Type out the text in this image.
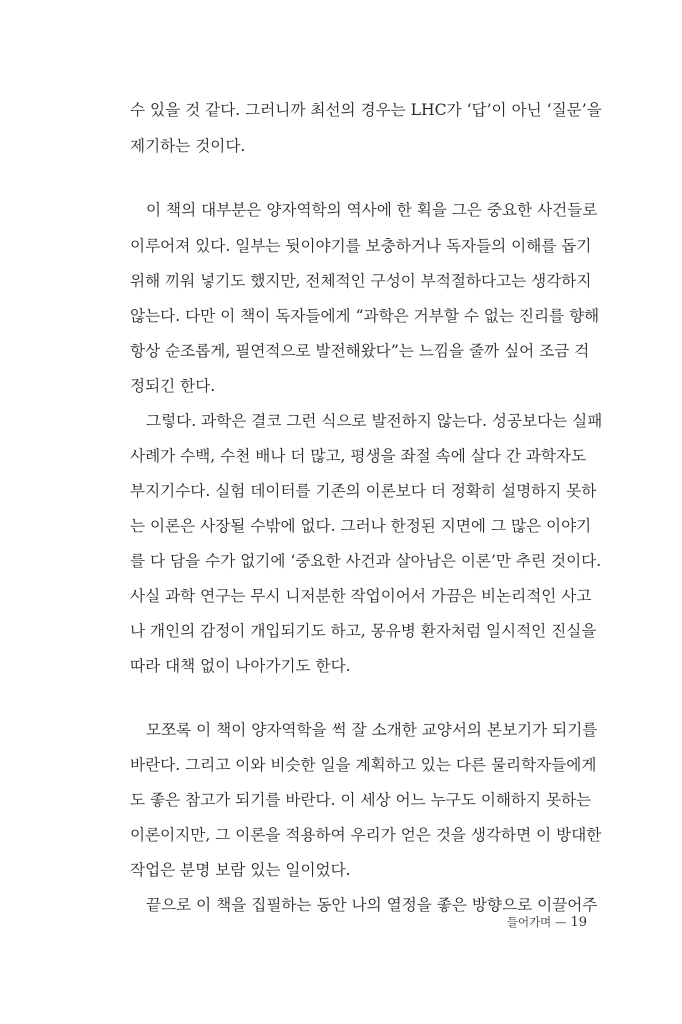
수 있을 것 같다. 그러니까 최선의 경우는 LHC가 ‘답’이 아닌 ‘질문’을
제기하는 것이다.
이 책의 대부분은 양자역학의 역사에 한 획을 그은 중요한 사건들로
이루어져 있다. 일부는 뒷이야기를 보충하거나 독자들의 이해를 돕기
위해 끼워 넣기도 했지만, 전체적인 구성이 부적절하다고는 생각하지
않는다. 다만 이 책이 독자들에게 “과학은 거부할 수 없는 진리를 향해
항상 순조롭게, 필연적으로 발전해왔다”는 느낌을 줄까 싶어 조금 걱
정되긴 한다.
그렇다. 과학은 결코 그런 식으로 발전하지 않는다. 성공보다는 실패
사례가 수백, 수천 배나 더 많고, 평생을 좌절 속에 살다 간 과학자도
부지기수다. 실험 데이터를 기존의 이론보다 더 정확히 설명하지 못하
는 이론은 사장될 수밖에 없다. 그러나 한정된 지면에 그 많은 이야기
를 다 담을 수가 없기에 ‘중요한 사건과 살아남은 이론’만 추린 것이다.
사실 과학 연구는 무시 니저분한 작업이어서 가끔은 비논리적인 사고
나 개인의 감정이 개입되기도 하고, 몽유병 환자처럼 일시적인 진실을
따라 대책 없이 나아가기도 한다.
모쪼록 이 책이 양자역학을 썩 잘 소개한 교양서의 본보기가 되기를
바란다. 그리고 이와 비슷한 일을 계획하고 있는 다른 물리학자들에게
도 좋은 참고가 되기를 바란다. 이 세상 어느 누구도 이해하지 못하는
이론이지만, 그 이론을 적용하여 우리가 얻은 것을 생각하면 이 방대한
작업은 분명 보람 있는 일이었다.
끝으로 이 책을 집필하는 동안 나의 열정을 좋은 방향으로 이끌어주
들어가며 — 19
